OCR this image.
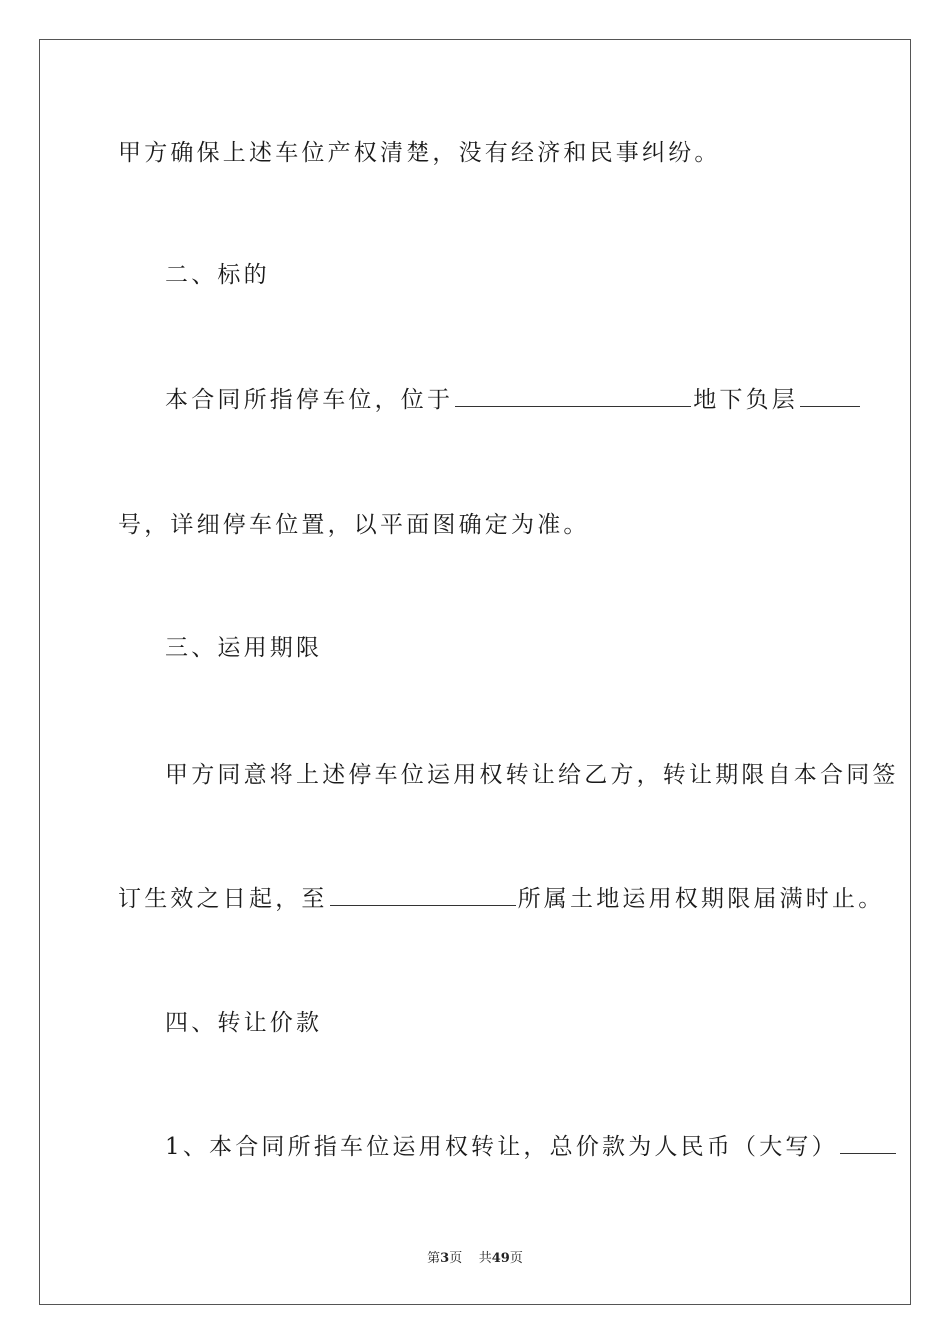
甲方确保上述车位产权清楚，没有经济和民事纠纷。
二、标的
本合同所指停车位，位于	地下负层
号，详细停车位置，以平面图确定为准。
三、运用期限
甲方同意将上述停车位运用权转让给乙方，转让期限自本合同签
订生效之日起，至	所属土地运用权期限届满时止。
四、转让价款
1、本合同所指车位运用权转让，总价款为人民币（大写）
第3页 共49页
